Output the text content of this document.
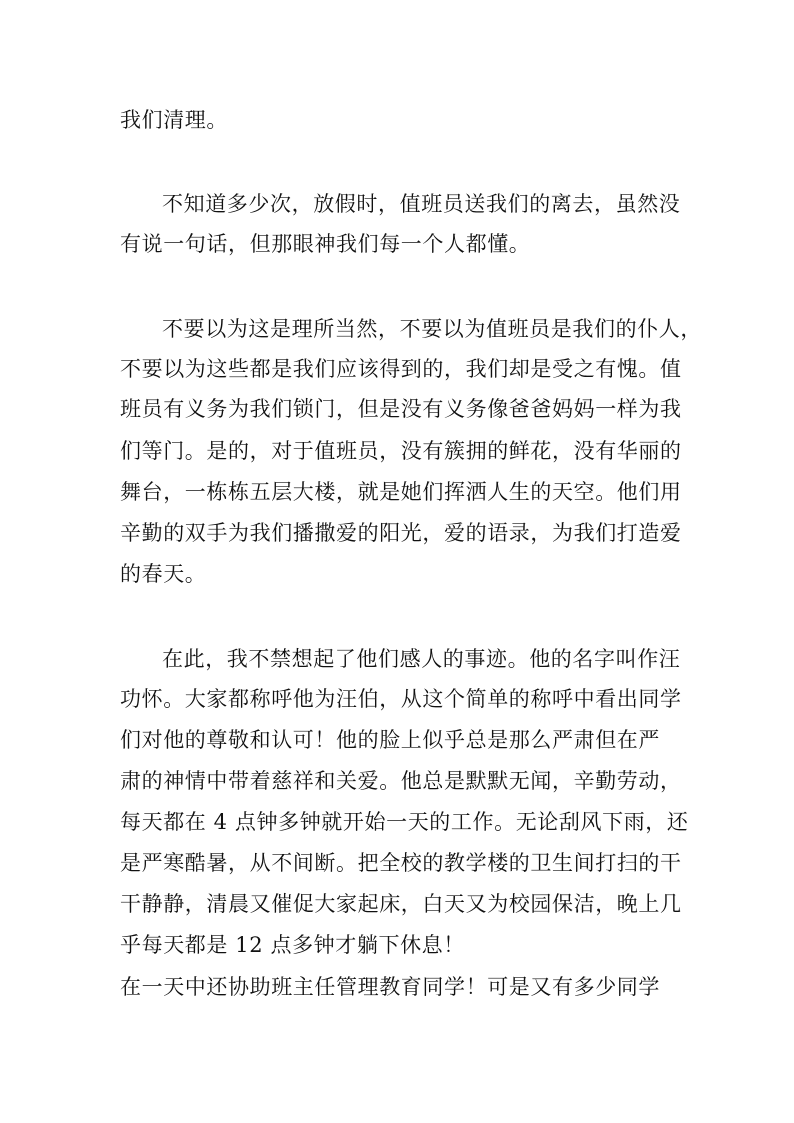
我们清理。
不知道多少次，放假时，值班员送我们的离去，虽然没
有说一句话，但那眼神我们每一个人都懂。
不要以为这是理所当然，不要以为值班员是我们的仆人，
不要以为这些都是我们应该得到的，我们却是受之有愧。值
班员有义务为我们锁门，但是没有义务像爸爸妈妈一样为我
们等门。是的，对于值班员，没有簇拥的鲜花，没有华丽的
舞台，一栋栋五层大楼，就是她们挥洒人生的天空。他们用
辛勤的双手为我们播撒爱的阳光，爱的语录，为我们打造爱
的春天。
在此，我不禁想起了他们感人的事迹。他的名字叫作汪
功怀。大家都称呼他为汪伯，从这个简单的称呼中看出同学
们对他的尊敬和认可！他的脸上似乎总是那么严肃但在严
肃的神情中带着慈祥和关爱。他总是默默无闻，辛勤劳动，
每天都在 4 点钟多钟就开始一天的工作。无论刮风下雨，还
是严寒酷暑，从不间断。把全校的教学楼的卫生间打扫的干
干静静，清晨又催促大家起床，白天又为校园保洁，晚上几
乎每天都是 12 点多钟才躺下休息！
在一天中还协助班主任管理教育同学！可是又有多少同学
